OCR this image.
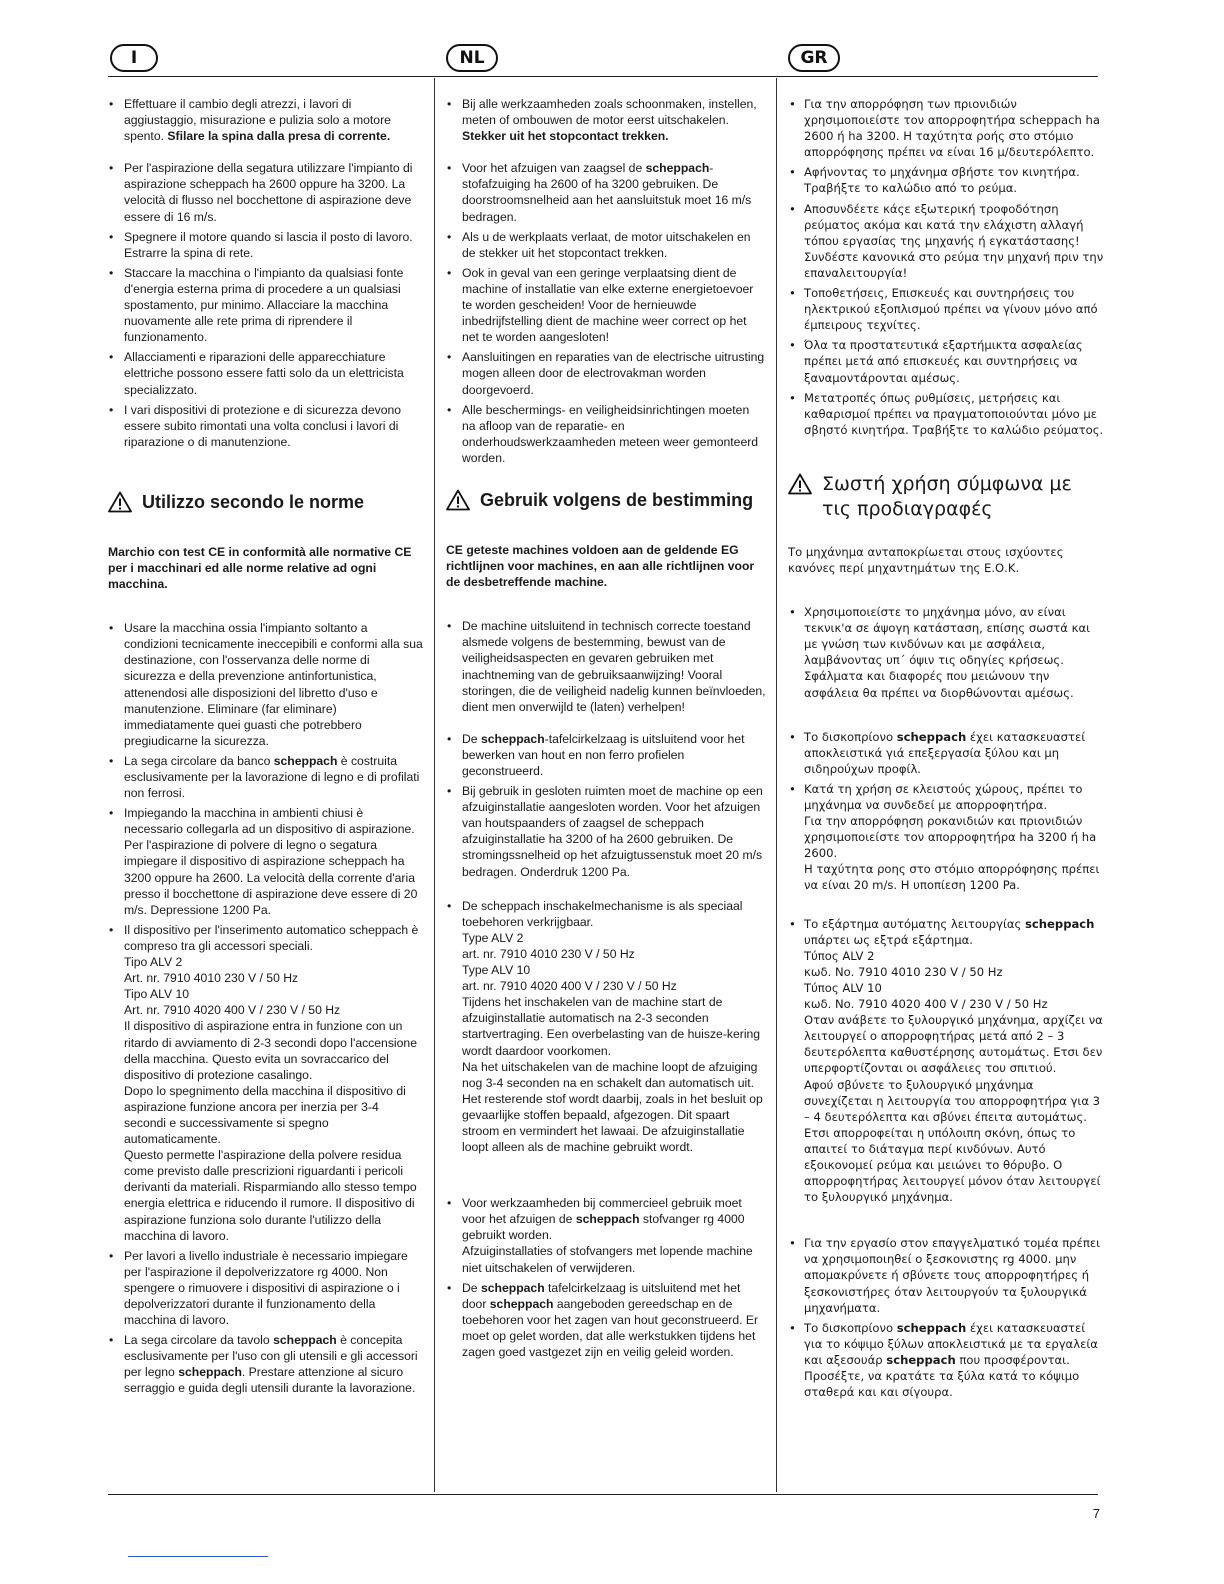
I	NL	GR
7
• Effettuare il cambio degli atrezzi, i lavori di aggiustaggio, misurazione e pulizia solo a motore spento. Sfilare la spina dalla presa di corrente.
• Per l'aspirazione della segatura utilizzare l'impianto di aspirazione scheppach ha 2600 oppure ha 3200. La velocità di flusso nel bocchettone di aspirazione deve essere di 16 m/s.
• Spegnere il motore quando si lascia il posto di lavoro. Estrarre la spina di rete.
• Staccare la macchina o l'impianto da qualsiasi fonte d'energia esterna prima di procedere a un qualsiasi spostamento, pur minimo. Allacciare la macchina nuovamente alle rete prima di riprendere il funzionamento.
• Allacciamenti e riparazioni delle apparecchiature elettriche possono essere fatti solo da un elettricista specializzato.
• I vari dispositivi di protezione e di sicurezza devono essere subito rimontati una volta conclusi i lavori di riparazione o di manutenzione.
Utilizzo secondo le norme
Marchio con test CE in conformità alle normative CE per i macchinari ed alle norme relative ad ogni macchina.
• Usare la macchina ossia l'impianto soltanto a condizioni tecnicamente ineccepibili e conformi alla sua destinazione, con l'osservanza delle norme di sicurezza e della prevenzione antinfortunistica, attenendosi alle disposizioni del libretto d'uso e manutenzione. Eliminare (far eliminare) immediatamente quei guasti che potrebbero pregiudicarne la sicurezza.
• La sega circolare da banco scheppach è costruita esclusivamente per la lavorazione di legno e di profilati non ferrosi.
• Impiegando la macchina in ambienti chiusi è necessario collegarla ad un dispositivo di aspirazione. Per l'aspirazione di polvere di legno o segatura impiegare il dispositivo di aspirazione scheppach ha 3200 oppure ha 2600. La velocità della corrente d'aria presso il bocchettone di aspirazione deve essere di 20 m/s. Depressione 1200 Pa.
• Il dispositivo per l'inserimento automatico scheppach è compreso tra gli accessori speciali.
Tipo ALV 2
Art. nr. 7910 4010 230 V / 50 Hz
Tipo ALV 10
Art. nr. 7910 4020 400 V / 230 V / 50 Hz
Il dispositivo di aspirazione entra in funzione con un ritardo di avviamento di 2-3 secondi dopo l'accensione della macchina. Questo evita un sovraccarico del dispositivo di protezione casalingo.
Dopo lo spegnimento della macchina il dispositivo di aspirazione funzione ancora per inerzia per 3-4 secondi e successivamente si spegno automaticamente.
Questo permette l'aspirazione della polvere residua come previsto dalle prescrizioni riguardanti i pericoli derivanti da materiali. Risparmiando allo stesso tempo energia elettrica e riducendo il rumore. Il dispositivo di aspirazione funziona solo durante l'utilizzo della macchina di lavoro.
• Per lavori a livello industriale è necessario impiegare per l'aspirazione il depolverizzatore rg 4000. Non spengere o rimuovere i dispositivi di aspirazione o i depolverizzatori durante il funzionamento della macchina di lavoro.
• La sega circolare da tavolo scheppach è concepita esclusivamente per l'uso con gli utensili e gli accessori per legno scheppach. Prestare attenzione al sicuro serraggio e guida degli utensili durante la lavorazione.
• Bij alle werkzaamheden zoals schoonmaken, instellen, meten of ombouwen de motor eerst uitschakelen. Stekker uit het stopcontact trekken.
• Voor het afzuigen van zaagsel de scheppach-stofafzuiging ha 2600 of ha 3200 gebruiken. De doorstroomsnelheid aan het aansluitstuk moet 16 m/s bedragen.
• Als u de werkplaats verlaat, de motor uitschakelen en de stekker uit het stopcontact trekken.
• Ook in geval van een geringe verplaatsing dient de machine of installatie van elke externe energietoevoer te worden gescheiden! Voor de hernieuwde inbedrijfstelling dient de machine weer correct op het net te worden aangesloten!
• Aansluitingen en reparaties van de electrische uitrusting mogen alleen door de electrovakman worden doorgevoerd.
• Alle beschermings- en veiligheidsinrichtingen moeten na afloop van de reparatie- en onderhoudswerkzaamheden meteen weer gemonteerd worden.
Gebruik volgens de bestimming
CE geteste machines voldoen aan de geldende EG richtlijnen voor machines, en aan alle richtlijnen voor de desbetreffende machine.
• De machine uitsluitend in technisch correcte toestand alsmede volgens de bestemming, bewust van de veiligheidsaspecten en gevaren gebruiken met inachtneming van de gebruiksaanwijzing! Vooral storingen, die de veiligheid nadelig kunnen beïnvloeden, dient men onverwijld te (laten) verhelpen!
• De scheppach-tafelcirkelzaag is uitsluitend voor het bewerken van hout en non ferro profielen geconstrueerd.
• Bij gebruik in gesloten ruimten moet de machine op een afzuiginstallatie aangesloten worden. Voor het afzuigen van houtspaanders of zaagsel de scheppach afzuiginstallatie ha 3200 of ha 2600 gebruiken. De stromingssnelheid op het afzuigtussenstuk moet 20 m/s bedragen. Onderdruk 1200 Pa.
• De scheppach inschakelmechanisme is als speciaal toebehoren verkrijgbaar.
Type ALV 2
art. nr. 7910 4010 230 V / 50 Hz
Type ALV 10
art. nr. 7910 4020 400 V / 230 V / 50 Hz
Tijdens het inschakelen van de machine start de afzuiginstallatie automatisch na 2-3 seconden startvertraging. Een overbelasting van de huisze-kering wordt daardoor voorkomen.
Na het uitschakelen van de machine loopt de afzuiging nog 3-4 seconden na en schakelt dan automatisch uit.
Het resterende stof wordt daarbij, zoals in het besluit op gevaarlijke stoffen bepaald, afgezogen. Dit spaart stroom en vermindert het lawaai. De afzuiginstallatie loopt alleen als de machine gebruikt wordt.
• Voor werkzaamheden bij commercieel gebruik moet voor het afzuigen de scheppach stofvanger rg 4000 gebruikt worden.
Afzuiginstallaties of stofvangers met lopende machine niet uitschakelen of verwijderen.
• De scheppach tafelcirkelzaag is uitsluitend met het door scheppach aangeboden gereedschap en de toebehoren voor het zagen van hout geconstrueerd. Er moet op gelet worden, dat alle werkstukken tijdens het zagen goed vastgezet zijn en veilig geleid worden.
• Για την απορρόφηση των πριονιδιών χρησιμοποιείστε τον απορροφητήρα scheppach ha 2600 ή ha 3200. Η ταχύτητα ροής στο στόμιο απορρόφησης πρέπει να είναι 16 μ/δευτερόλεπτο.
• Αφήνοντας το μηχάνημα σβήστε τον κινητήρα. Τραβήξτε το καλώδιο από το ρεύμα.
• Αποσυνδέετε κάςε εξωτερική τροφοδότηση ρεύματος ακόμα και κατά την ελάχιστη αλλαγή τόπου εργασίας της μηχανής ή εγκατάστασης! Συνδέστε κανονικά στο ρεύμα την μηχανή πριν την επαναλειτουργία!
• Τοποθετήσεις, Επισκευές και συντηρήσεις του ηλεκτρικού εξοπλισμού πρέπει να γίνουν μόνο από έμπειρους τεχνίτες.
• Όλα τα προστατευτικά εξαρτήμικτα ασφαλείας πρέπει μετά από επισκευές και συντηρήσεις να ξαναμοντάρονται αμέσως.
• Μετατροπές όπως ρυθμίσεις, μετρήσεις και καθαρισμοί πρέπει να πραγματοποιούνται μόνο με σβηστό κινητήρα. Τραβήξτε το καλώδιο ρεύματος.
Σωστή χρήση σύμφωνα με τις προδιαγραφές
Το μηχάνημα ανταποκρίωεται στους ισχύοντες κανόνες περί μηχαντημάτων της Ε.Ο.Κ.
• Χρησιμοποιείστε το μηχάνημα μόνο, αν είναι τεκνικ'α σε άψογη κατάσταση, επίσης σωστά και με γνώση των κινδύνων και με ασφάλεια, λαμβάνοντας υπ΄ όψιν τις οδηγίες κρήσεως. Σφάλματα και διαφορές που μειώνουν την ασφάλεια θα πρέπει να διορθώνονται αμέσως.
• Το δισκοπρίονο scheppach έχει κατασκευαστεί αποκλειστικά γιά επεξεργασία ξύλου και μη σιδηρούχων προφίλ.
• Κατά τη χρήση σε κλειστούς χώρους, πρέπει το μηχάνημα να συνδεδεί με απορροφητήρα.
Για την απορρόφηση ροκανιδιών και πριονιδιών χρησιμοποιείστε τον απορροφητήρα ha 3200 ή ha 2600.
Η ταχύτητα ροης στο στόμιο απορρόφησης πρέπει να είναι 20 m/s. Η υποπίεση 1200 Pa.
• Το εξάρτημα αυτόματης λειτουργίας scheppach υπάρτει ως εξτρά εξάρτημα.
Τύπος ALV 2
κωδ. No. 7910 4010 230 V / 50 Hz
Τύπος ALV 10
κωδ. No. 7910 4020 400 V / 230 V / 50 Hz
Οταν ανάβετε το ξυλουργικό μηχάνημα, αρχίζει να λειτουργεί ο απορροφητήρας μετά από 2 – 3 δευτερόλεπτα καθυστέρησης αυτομάτως. Ετσι δεν υπερφορτίζονται οι ασφάλειες του σπιτιού.
Αφού σβύνετε το ξυλουργικό μηχάνημα συνεχίζεται η λειτουργία του απορροφητήρα για 3 – 4 δευτερόλεπτα και σβύνει έπειτα αυτομάτως. Ετσι απορροφείται η υπόλοιπη σκόνη, όπως το απαιτεί το διάταγμα περί κινδύνων. Αυτό εξοικονομεί ρεύμα και μειώνει το θόρυβο. Ο απορροφητήρας λειτουργεί μόνον όταν λειτουργεί το ξυλουργικό μηχάνημα.
• Για την εργασίο στον επαγγελματικό τομέα πρέπει να χρησιμοποιηθεί ο ξεσκονιστης rg 4000. μην απομακρύνετε ή σβύνετε τους απορροφητήρες ή ξεσκονιστήρες όταν λειτουργούν τα ξυλουργικά μηχανήματα.
• Το δισκοπρίονο scheppach έχει κατασκευαστεί για το κόψιμο ξύλων αποκλειστικά με τα εργαλεία και αξεσουάρ scheppach που προσφέρονται. Προσέξτε, να κρατάτε τα ξύλα κατά το κόψιμο σταθερά και και σίγουρα.
